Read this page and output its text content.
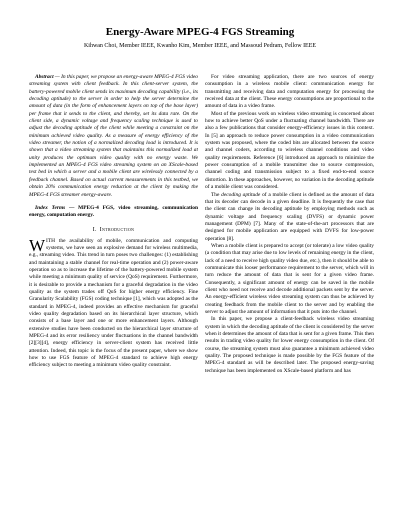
Energy-Aware MPEG-4 FGS Streaming
Kihwan Choi, Member IEEE, Kwanho Kim, Member IEEE, and Massoud Pedram, Fellow IEEE

Abstract — In this paper, we propose an energy-aware MPEG-4 FGS video streaming system with client feedback. In this client-server system, the battery-powered mobile client sends its maximum decoding capability (i.e., its decoding aptitude) to the server in order to help the server determine the amount of data (in the form of enhancement layers on top of the base layer) per frame that it sends to the client, and thereby, set its data rate. On the client side, a dynamic voltage and frequency scaling technique is used to adjust the decoding aptitude of the client while meeting a constraint on the minimum achieved video quality. As a measure of energy efficiency of the video streamer, the notion of a normalized decoding load is introduced. It is shown that a video streaming system that maintains this normalized load at unity produces the optimum video quality with no energy waste. We implemented an MPEG-4 FGS video streaming system on an XScale-based test bed in which a server and a mobile client are wirelessly connected by a feedback channel. Based on actual current measurements in this testbed, we obtain 20% communication energy reduction at the client by making the MPEG-4 FGS streamer energy-aware.

Index Terms — MPEG-4 FGS, video streaming, communication energy, computation energy.

I. Introduction

WITH the availability of mobile, communication and computing systems, we have seen an explosive demand for wireless multimedia, e.g., streaming video. This trend in turn poses two challenges: (1) establishing and maintaining a stable channel for real-time operation and (2) power-aware operation so as to increase the lifetime of the battery-powered mobile system while meeting a minimum quality of service (QoS) requirement. Furthermore, it is desirable to provide a mechanism for a graceful degradation in the video quality as the system trades off QoS for higher energy efficiency. Fine Granularity Scalability (FGS) coding technique [1], which was adopted as the standard in MPEG-4, indeed provides an effective mechanism for graceful video quality degradation based on its hierarchical layer structure, which consists of a base layer and one or more enhancement layers. Although extensive studies have been conducted on the hierarchical layer structure of MPEG-4 and its error resiliency under fluctuations in the channel bandwidth [2][3][4], energy efficiency in server-client system has received little attention. Indeed, this topic is the focus of the present paper, where we show how to use FGS feature of MPEG-4 standard to achieve high energy efficiency subject to meeting a minimum video quality constraint.

For video streaming application, there are two sources of energy consumption in a wireless mobile client: communication energy for transmitting and receiving data and computation energy for processing the received data at the client. These energy consumptions are proportional to the amount of data in a video frame.

Most of the previous work on wireless video streaming is concerned about how to achieve better QoS under a fluctuating channel bandwidth. There are also a few publications that consider energy-efficiency issues in this context. In [5] an approach to reduce power consumption in a video communication system was proposed, where the coded bits are allocated between the source and channel coders, according to wireless channel conditions and video quality requirements. Reference [6] introduced an approach to minimize the power consumption of a mobile transmitter due to source compression, channel coding and transmission subject to a fixed end-to-end source distortion. In these approaches, however, no variation in the decoding aptitude of a mobile client was considered.

The decoding aptitude of a mobile client is defined as the amount of data that its decoder can decode in a given deadline. It is frequently the case that the client can change its decoding aptitude by employing methods such as dynamic voltage and frequency scaling (DVFS) or dynamic power management (DPM) [7]. Many of the state-of-the-art processors that are designed for mobile application are equipped with DVFS for low-power operation [8].

When a mobile client is prepared to accept (or tolerate) a low video quality (a condition that may arise due to low levels of remaining energy in the client, lack of a need to receive high quality video due, etc.), then it should be able to communicate this looser performance requirement to the server, which will in turn reduce the amount of data that is sent for a given video frame. Consequently, a significant amount of energy can be saved in the mobile client who need not receive and decode additional packets sent by the server. An energy-efficient wireless video streaming system can thus be achieved by creating feedback from the mobile client to the server and by enabling the server to adjust the amount of information that it puts into the channel.

In this paper, we propose a client-feedback wireless video streaming system in which the decoding aptitude of the client is considered by the server when it determines the amount of data that is sent for a given frame. This then results in trading video quality for lower energy consumption in the client. Of course, the streaming system must also guarantee a minimum achieved video quality. The proposed technique is made possible by the FGS feature of the MPEG-4 standard as will be described later. The proposed energy-saving technique has been implemented on XScale-based platform and has
